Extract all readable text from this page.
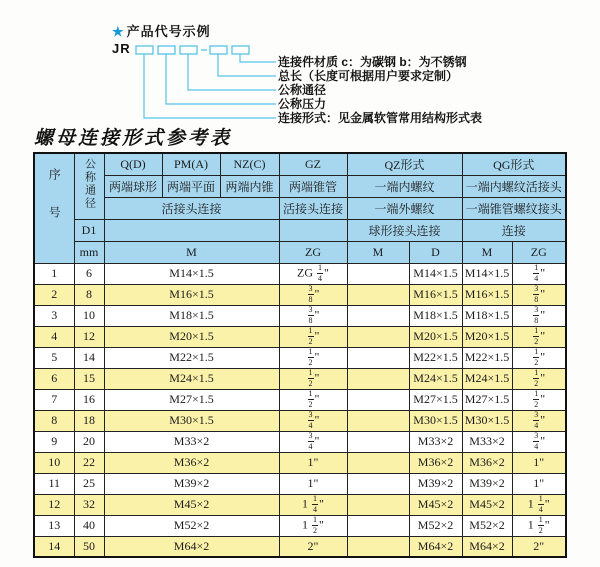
★ 产品代号示例
JR
连接件材质 c：为碳钢 b：为不锈钢
总长（长度可根据用户要求定制）
公称通径
公称压力
连接形式：见金属软管常用结构形式表
螺母连接形式参考表
序号	公称通径	Q(D)	PM(A)	NZ(C)	GZ	QZ形式		QG形式	
		两端球形	两端平面	两端内锥	两端锥管	一端内螺纹		一端内螺纹活接头	
		活接头连接			活接头连接	一端外螺纹		一端锥管螺纹接头	
	D1					球形接头连接		连接	
	mm	M			ZG	M	D	M	ZG
1	6	M14×1.5			ZG $\frac{1}{4}$ "		M14×1.5	M14×1.5	$\frac{1}{4}$ "
2	8	M16×1.5			$\frac{3}{8}$ "		M16×1.5	M16×1.5	$\frac{3}{8}$ "
3	10	M18×1.5			$\frac{3}{8}$ "		M18×1.5	M18×1.5	$\frac{3}{8}$ "
4	12	M20×1.5			$\frac{1}{2}$ "		M20×1.5	M20×1.5	$\frac{1}{2}$ "
5	14	M22×1.5			$\frac{1}{2}$ "		M22×1.5	M22×1.5	$\frac{1}{2}$ "
6	15	M24×1.5			$\frac{1}{2}$ "		M24×1.5	M24×1.5	$\frac{1}{2}$ "
7	16	M27×1.5			$\frac{1}{2}$ "		M27×1.5	M27×1.5	$\frac{1}{2}$ "
8	18	M30×1.5			$\frac{3}{4}$ "		M30×1.5	M30×1.5	$\frac{3}{4}$ "
9	20	M33×2			$\frac{3}{4}$ "		M33×2	M33×2	$\frac{3}{4}$ "
10	22	M36×2			1"		M36×2	M36×2	1"
11	25	M39×2			1"		M39×2	M39×2	1"
12	32	M45×2			$1 \frac{1}{4}$ "		M45×2	M45×2	$1 \frac{1}{4}$ "
13	40	M52×2			$1 \frac{1}{2}$ "		M52×2	M52×2	$1 \frac{1}{2}$ "
14	50	M64×2			2"		M64×2	M64×2	2"
